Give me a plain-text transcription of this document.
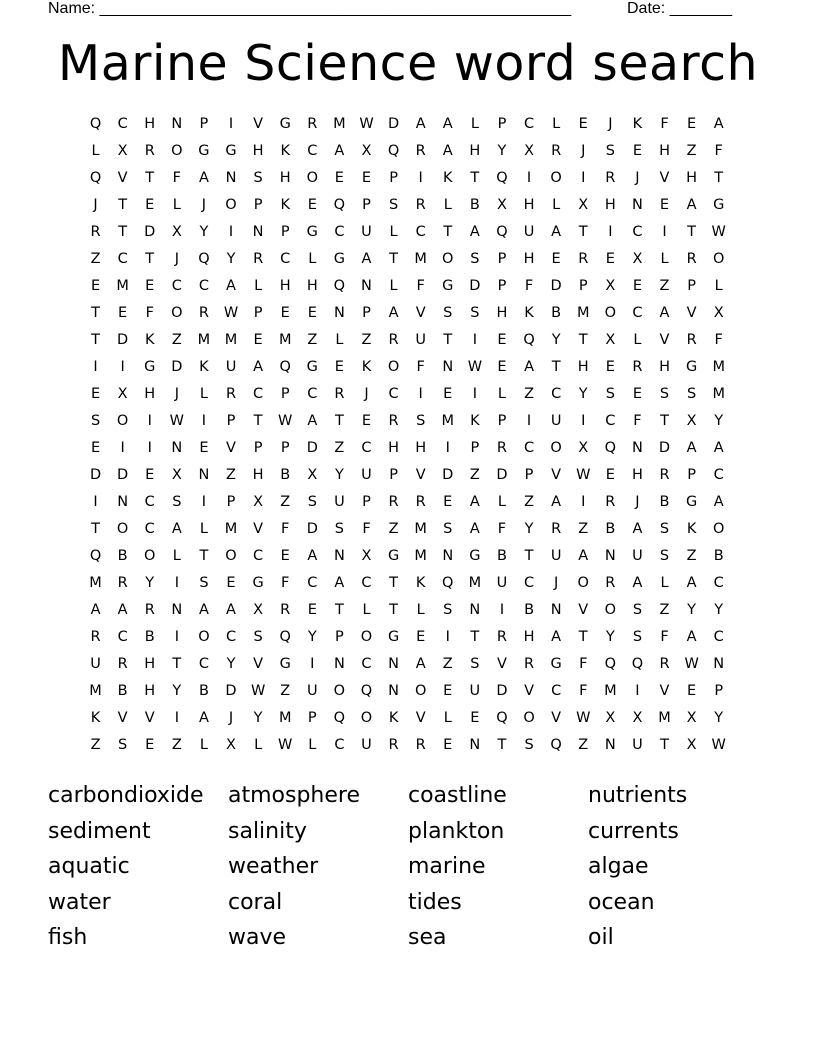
Name: _____________________________________________________	Date: _______
Marine Science word search
Q	C	H	N	P	I	V	G	R	M W D	A	A	L	P	C	L	E	J	K	F	E	A
L	X	R	O	G	G	H	K	C	A	X	Q	R	A	H	Y	X	R	J	S	E	H	Z	F
Q	V	T	F	A	N	S	H	O	E	E	P	I	K	T	Q	I	O	I	R	J	V	H	T
J	T	E	L	J	O	P	K	E	Q	P	S	R	L	B	X	H	L	X	H	N	E	A	G
R	T	D	X	Y	I	N	P	G	C	U	L	C	T	A	Q	U	A	T	I	C	I	T	W
Z	C	T	J	Q	Y	R	C	L	G	A	T	M	O	S	P	H	E	R	E	X	L	R	O
E	M	E	C	C	A	L	H	H	Q	N	L	F	G	D	P	F	D	P	X	E	Z	P	L
T	E	F	O	R	W	P	E	E	N	P	A	V	S	S	H	K	B	M	O	C	A	V	X
T	D	K	Z	M	M	E	M	Z	L	Z	R	U	T	I	E	Q	Y	T	X	L	V	R	F
I	I	G	D	K	U	A	Q	G	E	K	O	F	N	W	E	A	T	H	E	R	H	G	M
E	X	H	J	L	R	C	P	C	R	J	C	I	E	I	L	Z	C	Y	S	E	S	S	M
S	O	I	W	I	P	T	W	A	T	E	R	S	M	K	P	I	U	I	C	F	T	X	Y
E	I	I	N	E	V	P	P	D	Z	C	H	H	I	P	R	C	O	X	Q	N	D	A	A
D	D	E	X	N	Z	H	B	X	Y	U	P	V	D	Z	D	P	V	W	E	H	R	P	C
I	N	C	S	I	P	X	Z	S	U	P	R	R	E	A	L	Z	A	I	R	J	B	G	A
T	O	C	A	L	M	V	F	D	S	F	Z	M	S	A	F	Y	R	Z	B	A	S	K	O
Q	B	O	L	T	O	C	E	A	N	X	G	M	N	G	B	T	U	A	N	U	S	Z	B
M	R	Y	I	S	E	G	F	C	A	C	T	K	Q	M	U	C	J	O	R	A	L	A	C
A	A	R	N	A	A	X	R	E	T	L	T	L	S	N	I	B	N	V	O	S	Z	Y	Y
R	C	B	I	O	C	S	Q	Y	P	O	G	E	I	T	R	H	A	T	Y	S	F	A	C
U	R	H	T	C	Y	V	G	I	N	C	N	A	Z	S	V	R	G	F	Q	Q	R	W N
M	B	H	Y	B	D W	Z	U	O	Q	N	O	E	U	D	V	C	F	M	I	V	E	P
K	V	V	I	A	J	Y	M	P	Q	O	K	V	L	E	Q	O	V	W	X	X	M	X	Y
Z	S	E	Z	L	X	L	W	L	C	U	R	R	E	N	T	S	Q	Z	N	U	T	X	W
carbondioxide	atmosphere	coastline	nutrients
sediment	salinity	plankton	currents
aquatic	weather	marine	algae
water	coral	tides	ocean
fish	wave	sea	oil
